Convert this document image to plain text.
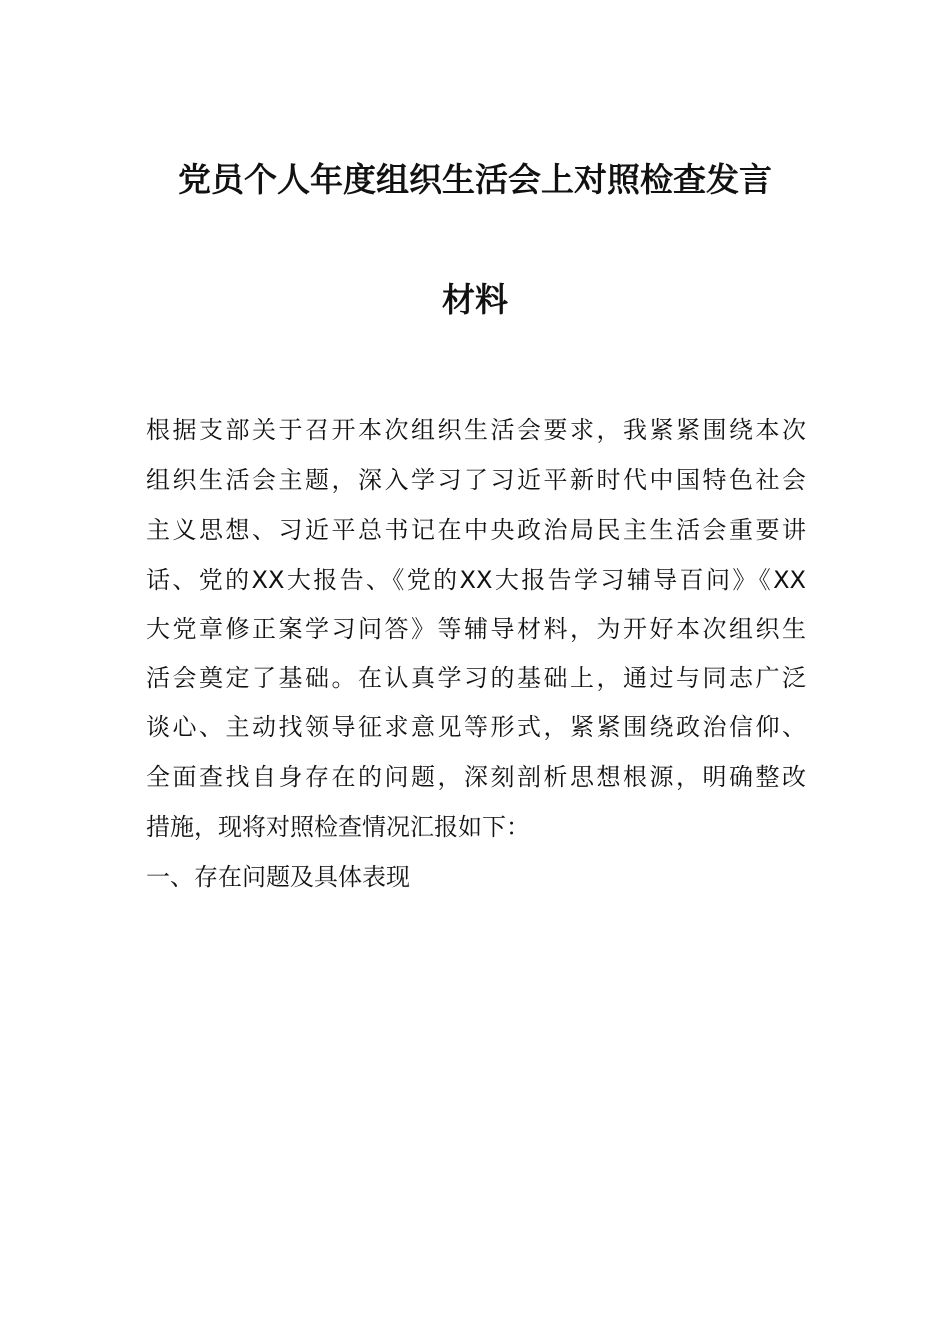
党员个人年度组织生活会上对照检查发言
材料
根据支部关于召开本次组织生活会要求，我紧紧围绕本次
组织生活会主题，深入学习了习近平新时代中国特色社会
主义思想、习近平总书记在中央政治局民主生活会重要讲
话、党的XX大报告、《党的XX大报告学习辅导百问》《XX
大党章修正案学习问答》等辅导材料，为开好本次组织生
活会奠定了基础。在认真学习的基础上，通过与同志广泛
谈心、主动找领导征求意见等形式，紧紧围绕政治信仰、
全面查找自身存在的问题，深刻剖析思想根源，明确整改
措施，现将对照检查情况汇报如下：
一、存在问题及具体表现
